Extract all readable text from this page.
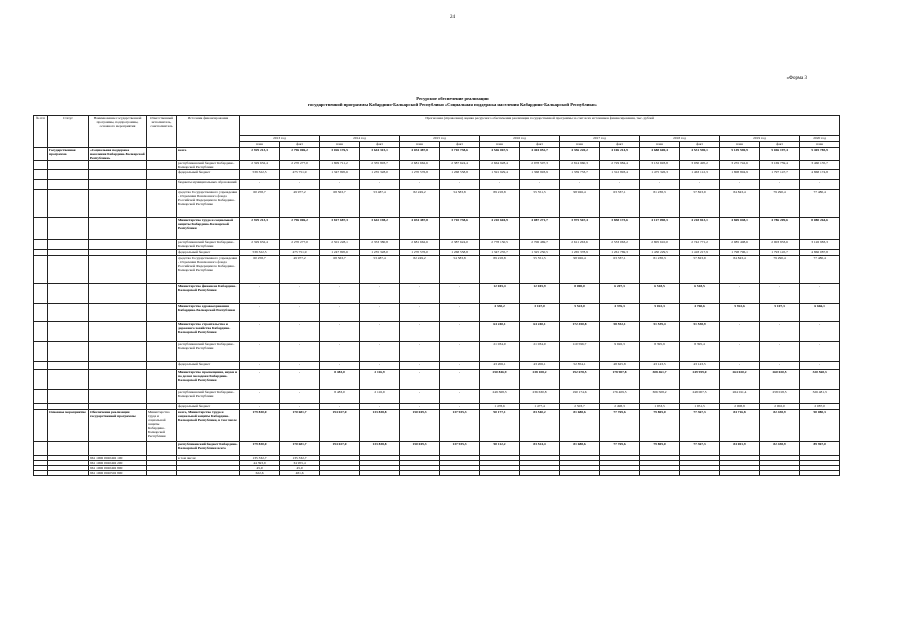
24
«Форма 3
Ресурсное обеспечение реализации
государственной программы Кабардино-Балкарской Республики «Социальная поддержка населения Кабардино-Балкарской Республики»
№ п/п	Статус	Наименование государственной программы, подпрограммы, основного мероприятия	Ответственный исполнитель, соисполнитель	Источник финансирования	Прогнозная (справочная) оценка ресурсного обеспечения реализации государственной программы за счет всех источников финансирования, тыс. рублей														
					2013 год		2014 год		2015 год		2016 год		2017 год		2018 год		2019 год		2020 год
					план	факт	план	факт	план	факт	план	факт	план	факт	план	факт	план	факт	план
	Государственная программа	«Социальная поддержка населения Кабардино-Балкарской Республики»		всего	2 929 213,3	2 796 006,2	3 026 176,5	3 644 315,1	4 034 487,8	3 710 738,6	4 546 067,5	4 404 052,7	4 356 220,2	4 106 214,9	4 688 600,4	4 531 590,1	5 149 590,9	5 046 197,4	5 405 785,9
				республиканский бюджет Кабардино-Балкарской Республики	2 329 632,4	2 270 277,0	1 809 711,2	2 335 803,7	2 681 662,6	2 387 624,4	2 664 928,4	2 978 507,3	2 814 960,3	2 729 984,4	3 132 693,8	3 030 495,2	3 255 742,6	3 169 759,4	3 460 135,7
				федеральный бюджет	539 322,5	475 751,9	1 347 895,6	1 235 328,0	1 270 576,8	1 268 558,8	1 591 929,4	1 368 993,9	1 339 733,7	1 312 893,4	1 475 326,3	1 463 112,3	1 808 804,9	1 797 147,7	4 868 174,8
				бюджеты муниципальных образований	-	-	-	-	-	-	-	-	-	-	-	-	-	-	-
				средства Государственного учреждения - Отделения Пенсионного фонда Российской Федерации по Кабардино-Балкарской Республике	60 258,7	49 977,2	68 563,7	53 487,4	82 249,2	54 583,8	89 218,8	55 551,5	98 926,4	63 337,1	81 238,3	57 823,9	84 843,4	79 290,4	77 480,4
				Министерство труда и социальной защиты Кабардино-Балкарской Республики	2 929 213,3	2 796 006,2	3 817 687,3	3 642 198,2	4 034 487,8	3 710 738,6	4 210 604,9	4 087 271,7	3 975 567,4	3 858 173,6	4 117 098,3	4 218 813,1	4 869 048,1	4 786 209,6	8 080 264,6
				республиканский бюджет Кабардино-Балкарской Республики	2 329 632,4	2 270 277,0	2 501 228,1	2 353 380,8	2 681 662,6	2 387 624,0	2 778 150,5	2 706 469,7	2 611 263,6	2 533 063,2	2 805 610,0	2 742 771,2	2 985 408,6	2 903 833,6	3 126 983,3
				федеральный бюджет	539 322,5	475 751,9	1 247 895,6	1 235 328,0	1 270 576,0	1 268 558,8	1 347 235,7	1 325 250,5	1 265 378,9	1 261 769,3	1 430 229,5	1 418 217,9	1 798 796,1	1 793 145,7	4 866 087,8
				средства Государственного учреждения - Отделения Пенсионного фонда Российской Федерации по Кабардино-Балкарской Республике	60 258,7	49 977,2	68 563,7	53 487,4	82 249,2	54 583,8	89 218,8	55 551,5	98 926,4	63 337,1	81 238,3	57 823,9	84 843,4	79 290,4	77 480,4
				Министерство финансов Кабардино-Балкарской Республики	-	-	-	-	-	-	12 045,4	12 045,9	8 000,0	6 207,3	6 518,5	6 518,5	-	-	-
				Министерство здравоохранения Кабардино-Балкарской Республики	-	-	-	-	-	-	4 330,2	3 167,0	5 523,0	4 376,3	5 022,3	4 760,6	5 922,6	5 107,3	6 666,1
				Министерство строительства и дорожного хозяйства Кабардино-Балкарской Республики	-	-	-	-	-	-	64 240,1	64 240,1	172 450,8	58 552,1	51 539,4	51 538,9	-	-	-
				республиканский бюджет Кабардино-Балкарской Республики	-	-	-	-	-	-	21 034,0	21 034,0	110 596,7	9 926,3	8 395,9	8 395,4	-	-	-
				федеральный бюджет	-	-	-	-	-	-	43 206,1	43 206,1	52 854,1	48 625,8	43 143,5	43 143,5	-	-	-
				Министерство просвещения, науки и по делам молодежи Кабардино-Балкарской Республики	-	-	8 483,0	2 116,9	-	-	250 846,9	238 108,2	192 678,5	178 907,8	308 461,7	249 959,0	264 020,2	260 020,5	320 568,3
				республиканский бюджет Кабардино-Балкарской Республики	-	-	8 483,0	2 116,9	-	-	249 368,3	236 630,8	190 174,6	176 409,5	306 508,2	248 007,5	264 011,4	258 018,5	326 481,3
				федеральный бюджет	-	-	-	-	-	-	1 478,6	1 477,4	2 503,7	2 498,3	1 953,5	1 951,5	2 008,8	2 002,0	2 087,0
	Основное мероприятие	Обеспечение реализации государственной программы	Министерство труда и социальной защиты Кабардино-Балкарской Республики	всего, Министерство труда и социальной защиты Кабардино-Балкарской Республики, в том числе	179 830,0	170 681,7	194 027,0	133 838,8	150 049,3	137 935,3	90 177,1	83 540,2	81 688,6	77 769,6	79 805,0	77 367,3	84 716,8	82 438,9	90 080,3
				республиканский бюджет Кабардино-Балкарской Республики всего	179 830,0	170 681,7	194 027,0	133 838,8	150 049,3	137 935,3	90 112,2	83 524,4	81 688,6	77 769,6	79 805,0	77 367,3	84 691,9	82 438,9	89 967,0
		961 1006 0020492 100		в том числе:	135 332,7	135 332,7													
		961 1006 0020492 200			44 393,9	34 955,4													
		961 1006 0020492 800			45,0	45,0													
		961 1006 0020502 800			622,6	481,6													
